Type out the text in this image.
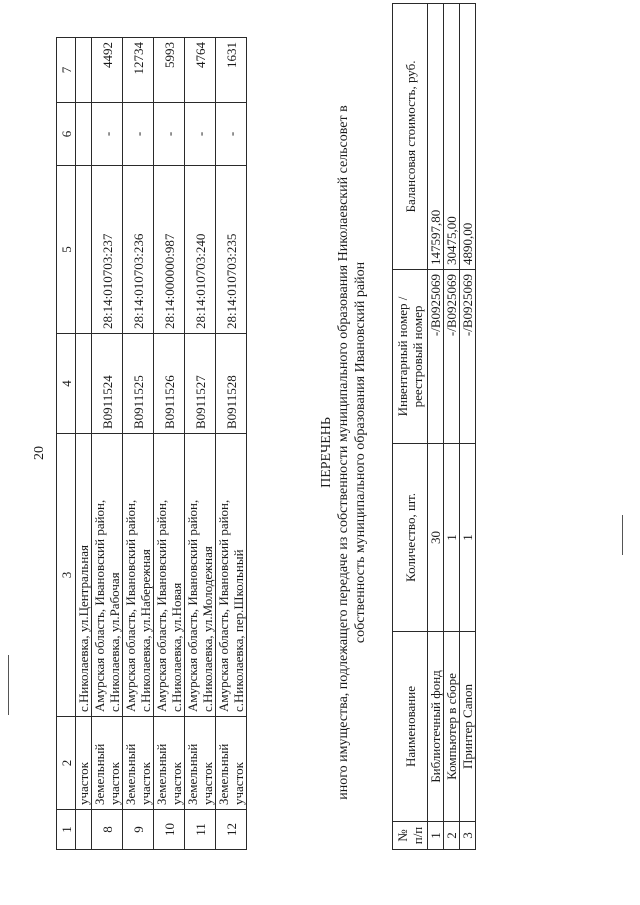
20
1	2	3	4	5	6	7
	участок	с.Николаевка, ул.Центральная				
8	Земельный участок	Амурская область, Ивановский район, с.Николаевка, ул.Рабочая	В0911524	28:14:010703:237	-	4492
9	Земельный участок	Амурская область, Ивановский район, с.Николаевка, ул.Набережная	В0911525	28:14:010703:236	-	12734
10	Земельный участок	Амурская область, Ивановский район, с.Николаевка, ул.Новая	В0911526	28:14:000000:987	-	5993
11	Земельный участок	Амурская область, Ивановский район, с.Николаевка, ул.Молодежная	В0911527	28:14:010703:240	-	4764
12	Земельный участок	Амурская область, Ивановский район, с.Николаевка, пер.Школьный	В0911528	28:14:010703:235	-	1631
ПЕРЕЧЕНЬ иного имущества, подлежащего передаче из собственности муниципального образования Николаевский сельсовет в собственность муниципального образования Ивановский район
№ п/п	Наименование	Количество, шт.	Инвентарный номер / реестровый номер	Балансовая стоимость, руб.
1	Библиотечный фонд	30	-/В0925069	147597,80
2	Компьютер в сборе	1	-/В0925069	30475,00
3	Принтер Canon	1	-/В0925069	4890,00
